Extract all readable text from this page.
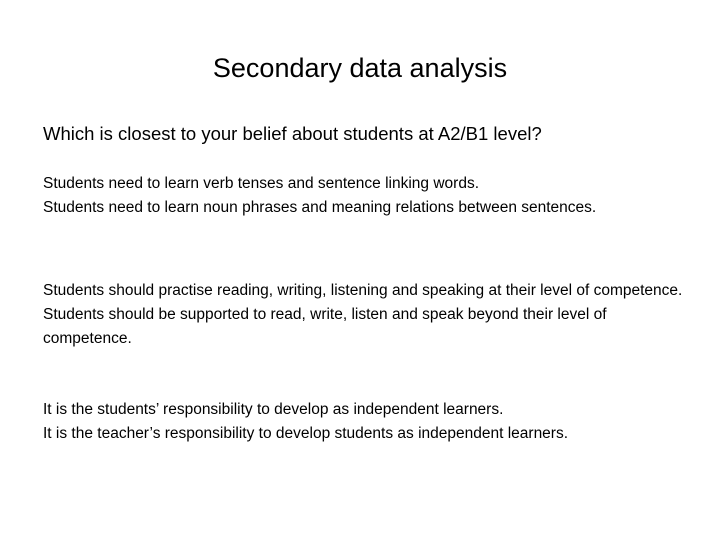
Secondary data analysis
Which is closest to your belief about students at A2/B1 level?

Students need to learn verb tenses and sentence linking words.

Students need to learn noun phrases and meaning relations between sentences.

Students should practise reading, writing, listening and speaking at their level of competence.

Students should be supported to read, write, listen and speak beyond their level of competence.

It is the students’ responsibility to develop as independent learners.

It is the teacher’s responsibility to develop students as independent learners.
